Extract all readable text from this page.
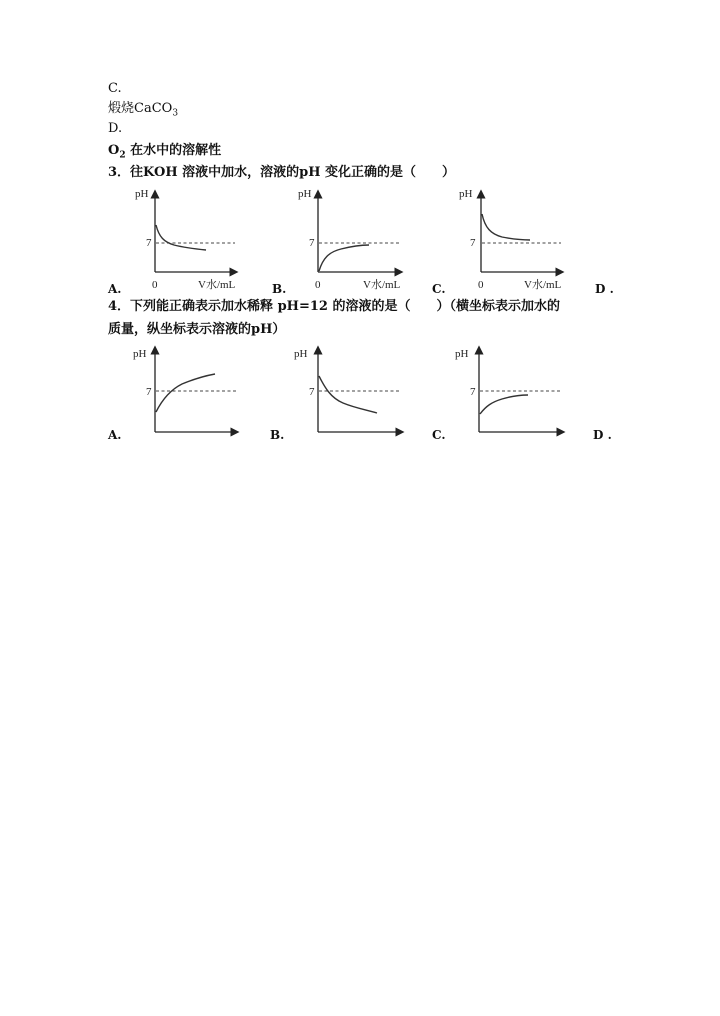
C.
煅烧CaCO$_3$
D.
$O_2$ 在水中的溶解性
3．往KOH 溶液中加水，溶液的pH 变化正确的是（　　）
pH
7
0	V水/mL
A.
pH
7
0	V水/mL
B.
pH
7
0	V水/mL
C.	D .
4．下列能正确表示加水稀释 pH=12 的溶液的是（　　）（横坐标表示加水的
质量，纵坐标表示溶液的pH）
pH
7
A.
pH
7
B.
pH
7
C.	D .
